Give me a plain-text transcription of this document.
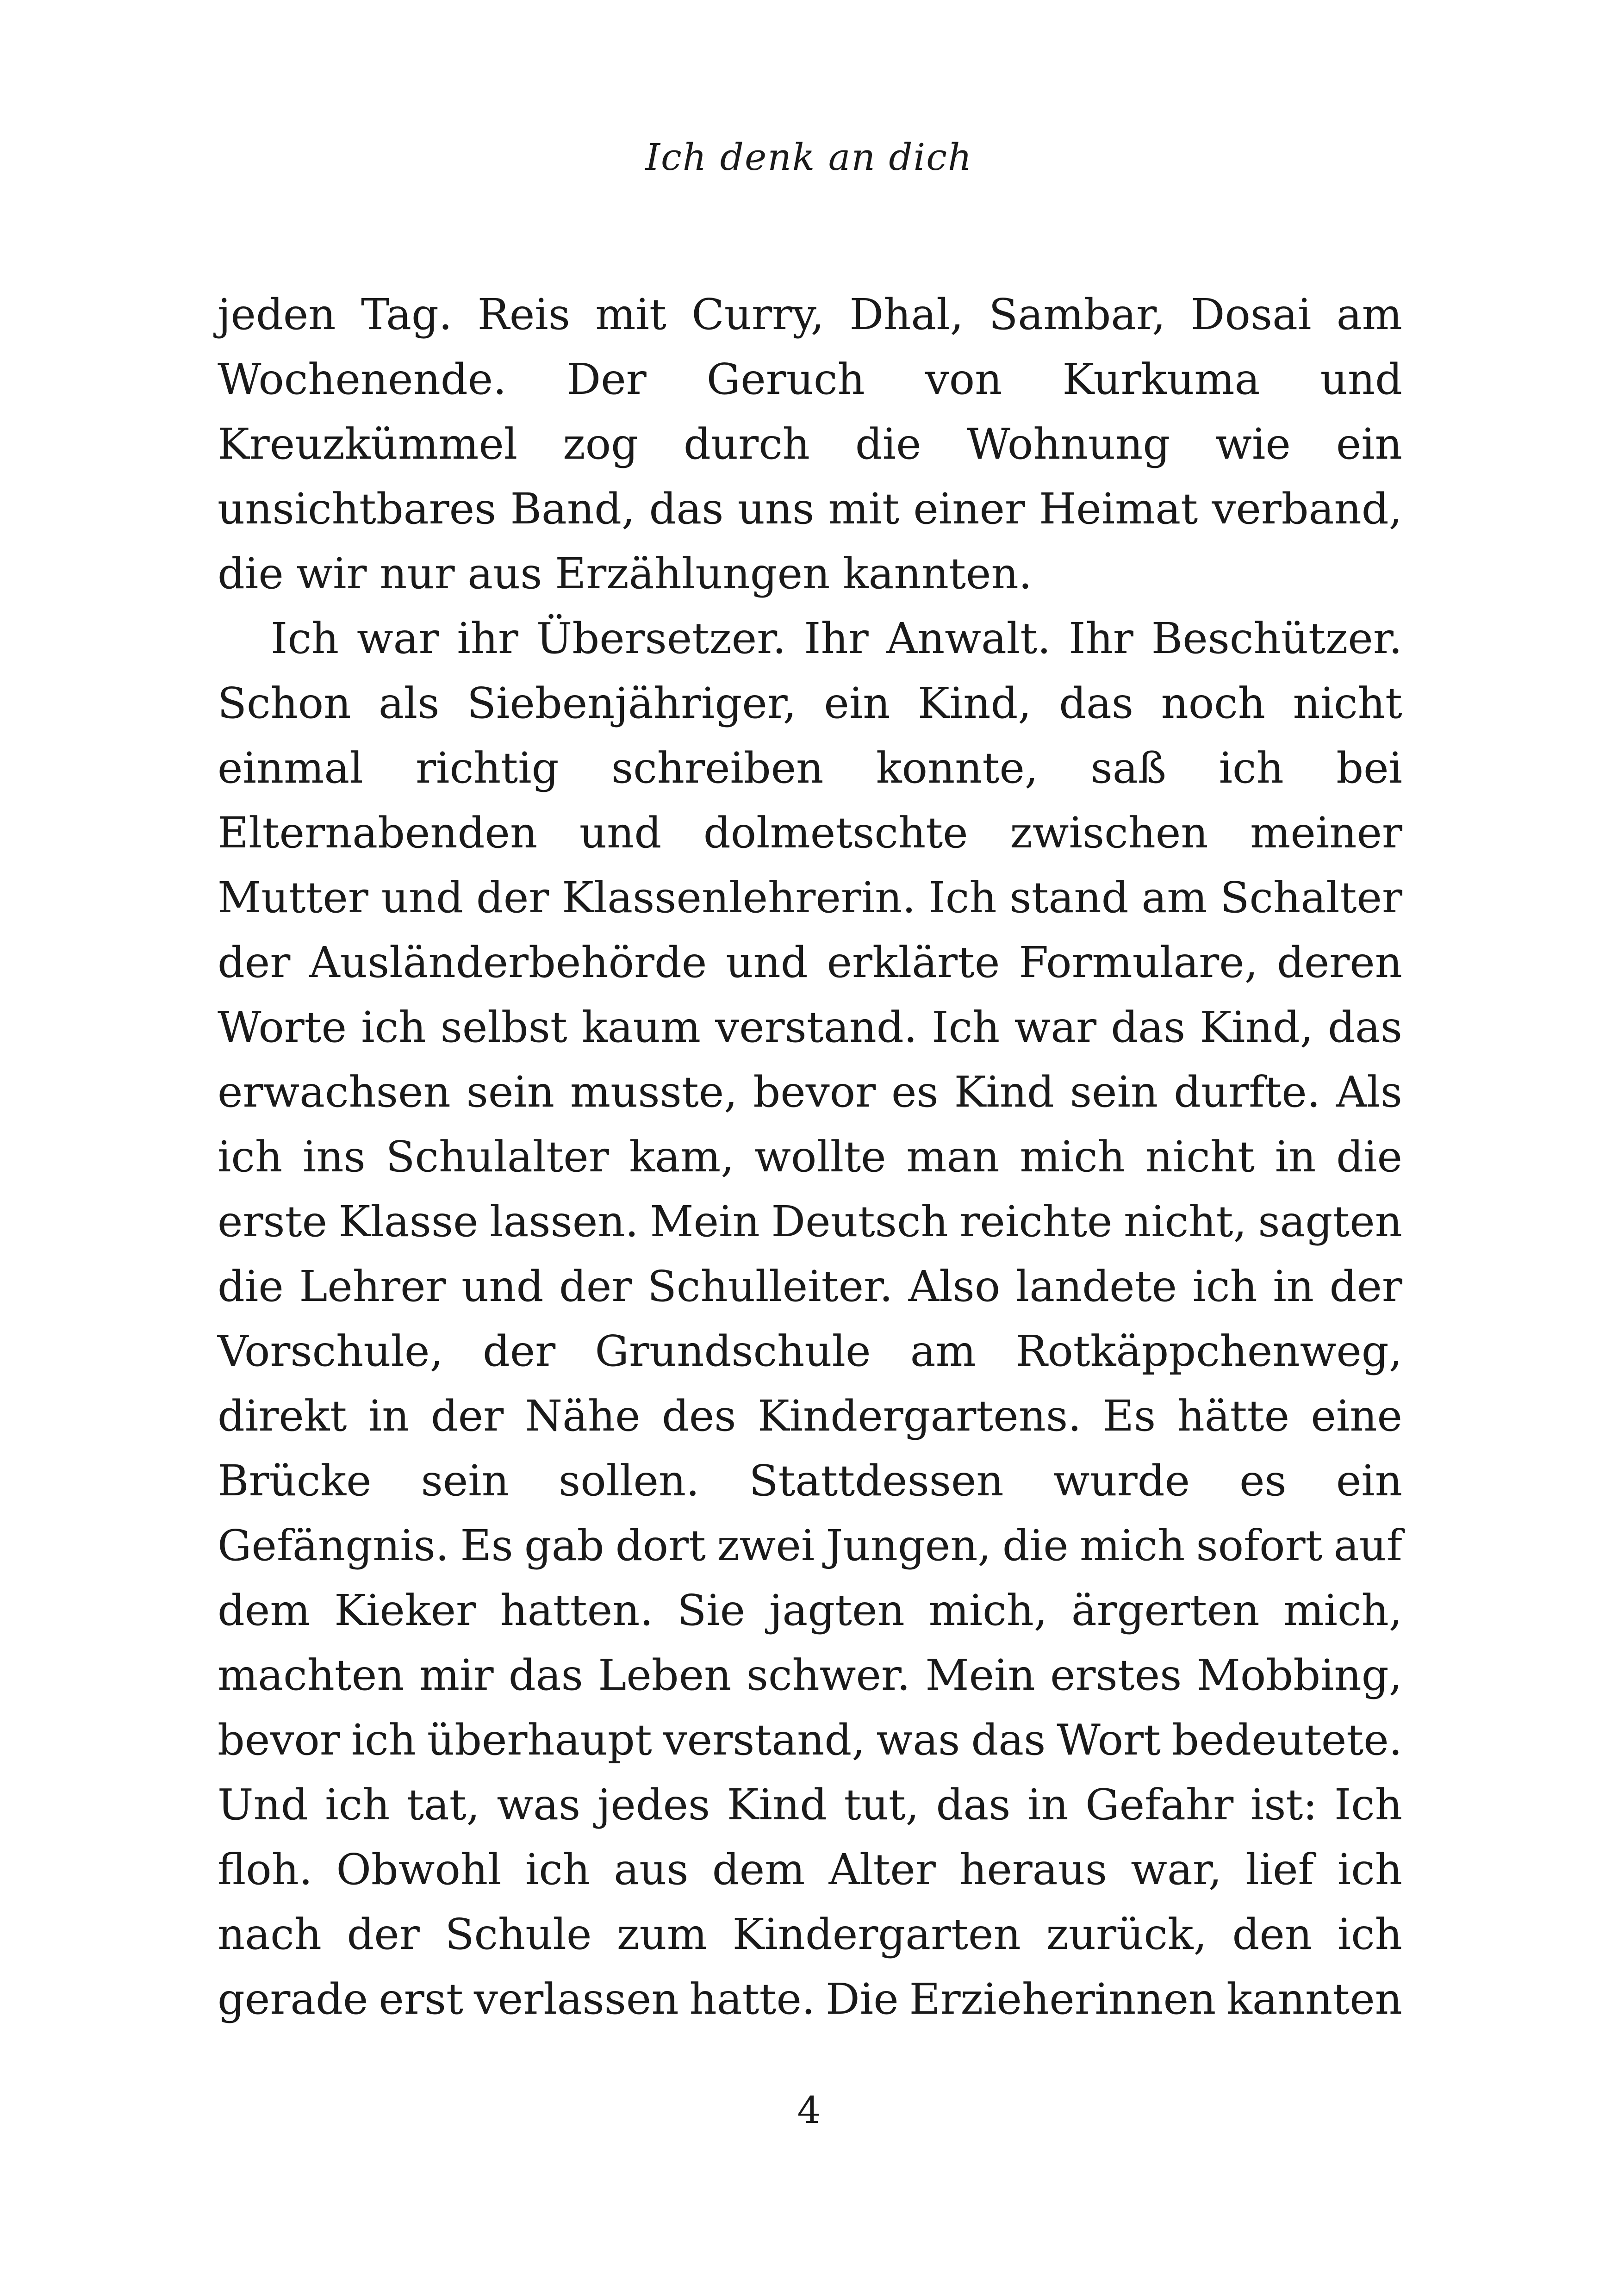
Ich denk an dich
jeden Tag. Reis mit Curry, Dhal, Sambar, Dosai am
Wochenende. Der Geruch von Kurkuma und
Kreuzkümmel zog durch die Wohnung wie ein
unsichtbares Band, das uns mit einer Heimat verband,
die wir nur aus Erzählungen kannten.
Ich war ihr Übersetzer. Ihr Anwalt. Ihr Beschützer.
Schon als Siebenjähriger, ein Kind, das noch nicht
einmal richtig schreiben konnte, saß ich bei
Elternabenden und dolmetschte zwischen meiner
Mutter und der Klassenlehrerin. Ich stand am Schalter
der Ausländerbehörde und erklärte Formulare, deren
Worte ich selbst kaum verstand. Ich war das Kind, das
erwachsen sein musste, bevor es Kind sein durfte. Als
ich ins Schulalter kam, wollte man mich nicht in die
erste Klasse lassen. Mein Deutsch reichte nicht, sagten
die Lehrer und der Schulleiter. Also landete ich in der
Vorschule, der Grundschule am Rotkäppchenweg,
direkt in der Nähe des Kindergartens. Es hätte eine
Brücke sein sollen. Stattdessen wurde es ein
Gefängnis. Es gab dort zwei Jungen, die mich sofort auf
dem Kieker hatten. Sie jagten mich, ärgerten mich,
machten mir das Leben schwer. Mein erstes Mobbing,
bevor ich überhaupt verstand, was das Wort bedeutete.
Und ich tat, was jedes Kind tut, das in Gefahr ist: Ich
floh. Obwohl ich aus dem Alter heraus war, lief ich
nach der Schule zum Kindergarten zurück, den ich
gerade erst verlassen hatte. Die Erzieherinnen kannten
4
